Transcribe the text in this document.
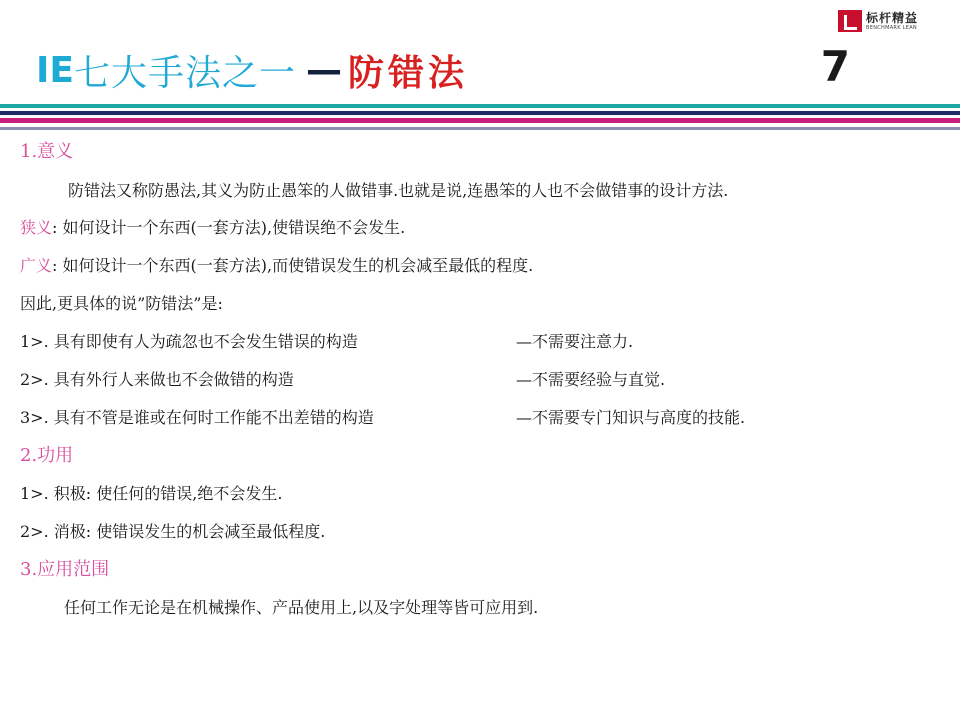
标杆精益
BENCHMARK LEAN
IE 七大手法之一 — 防错法	7
1.意义
防错法又称防愚法,其义为防止愚笨的人做错事.也就是说,连愚笨的人也不会做错事的设计方法.
狭义: 如何设计一个东西(一套方法),使错误绝不会发生.
广义: 如何设计一个东西(一套方法),而使错误发生的机会减至最低的程度.
因此,更具体的说”防错法”是:
1>. 具有即使有人为疏忽也不会发生错误的构造	—不需要注意力.
2>. 具有外行人来做也不会做错的构造	—不需要经验与直觉.
3>. 具有不管是谁或在何时工作能不出差错的构造	—不需要专门知识与高度的技能.
2.功用
1>. 积极: 使任何的错误,绝不会发生.
2>. 消极: 使错误发生的机会减至最低程度.
3.应用范围
任何工作无论是在机械操作、产品使用上,以及字处理等皆可应用到.
